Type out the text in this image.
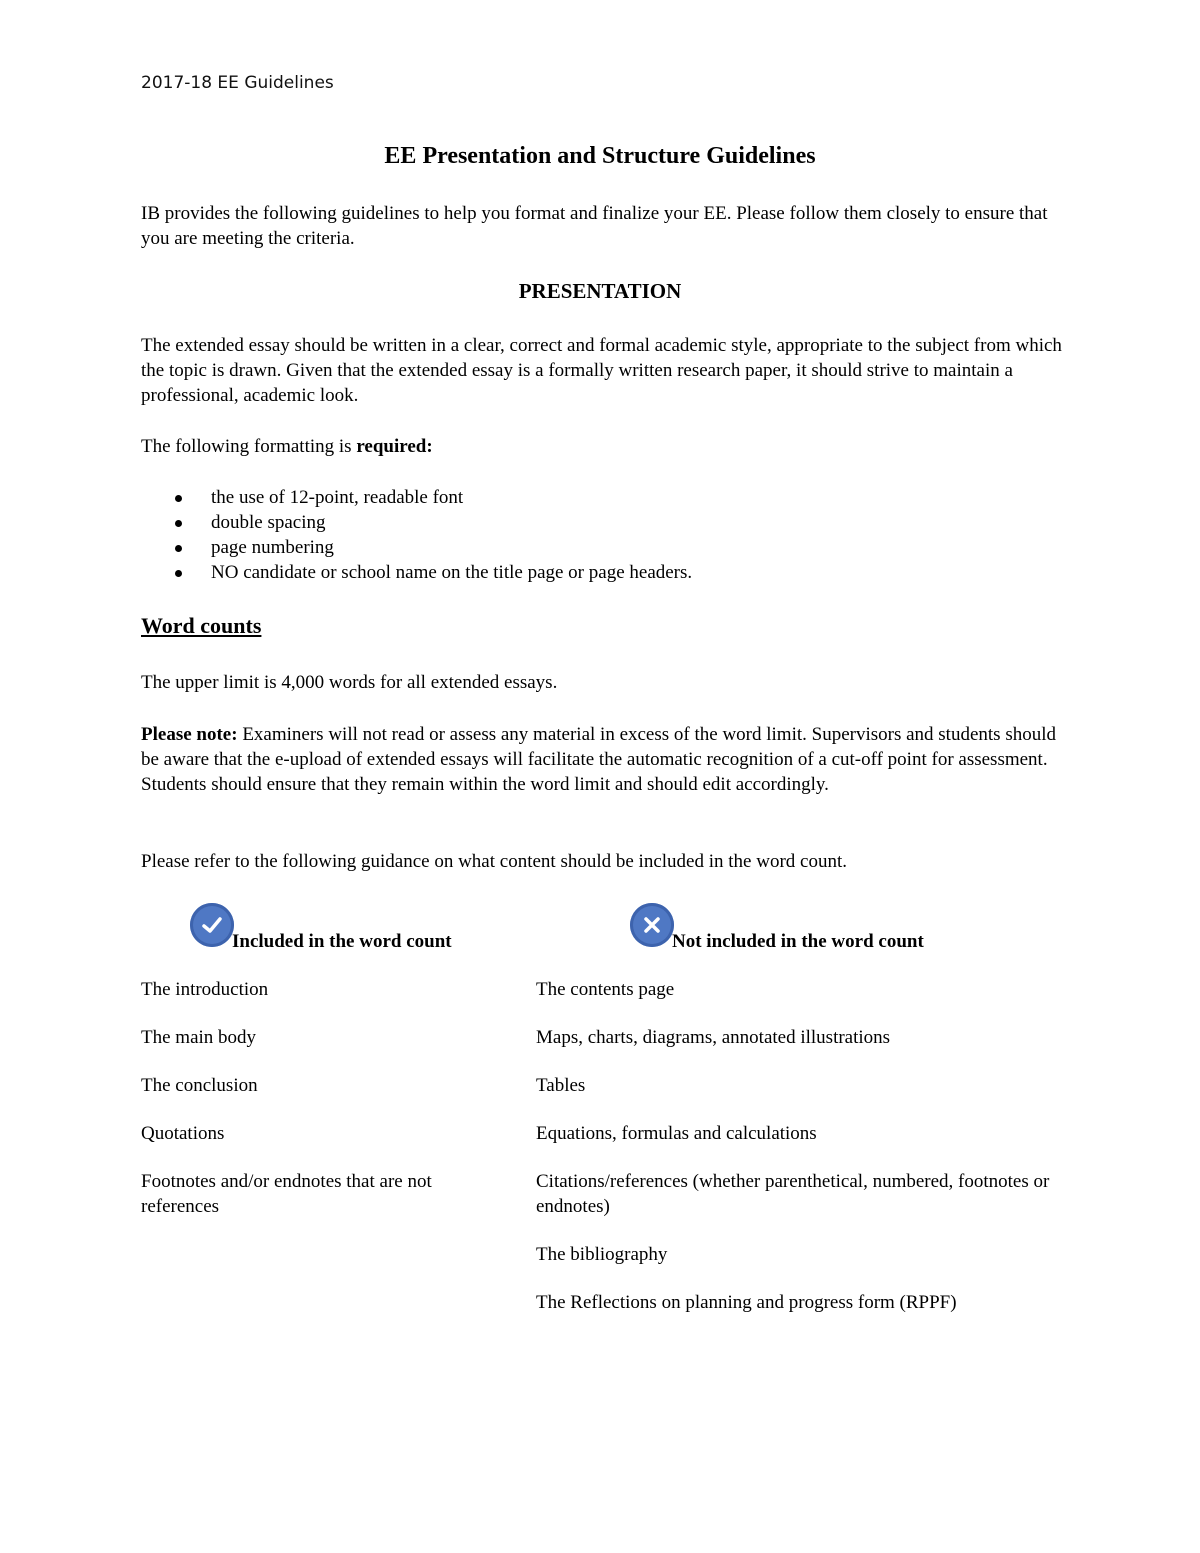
2017-18 EE Guidelines
EE Presentation and Structure Guidelines
IB provides the following guidelines to help you format and finalize your EE. Please follow them closely to ensure that you are meeting the criteria.
PRESENTATION
The extended essay should be written in a clear, correct and formal academic style, appropriate to the subject from which the topic is drawn. Given that the extended essay is a formally written research paper, it should strive to maintain a professional, academic look.
The following formatting is required:
the use of 12-point, readable font
double spacing
page numbering
NO candidate or school name on the title page or page headers.
Word counts
The upper limit is 4,000 words for all extended essays.
Please note: Examiners will not read or assess any material in excess of the word limit. Supervisors and students should be aware that the e-upload of extended essays will facilitate the automatic recognition of a cut-off point for assessment. Students should ensure that they remain within the word limit and should edit accordingly.
Please refer to the following guidance on what content should be included in the word count.
Included in the word count	Not included in the word count
The introduction
The main body
The conclusion
Quotations
Footnotes and/or endnotes that are not references
The contents page
Maps, charts, diagrams, annotated illustrations
Tables
Equations, formulas and calculations
Citations/references (whether parenthetical, numbered, footnotes or endnotes)
The bibliography
The Reflections on planning and progress form (RPPF)
